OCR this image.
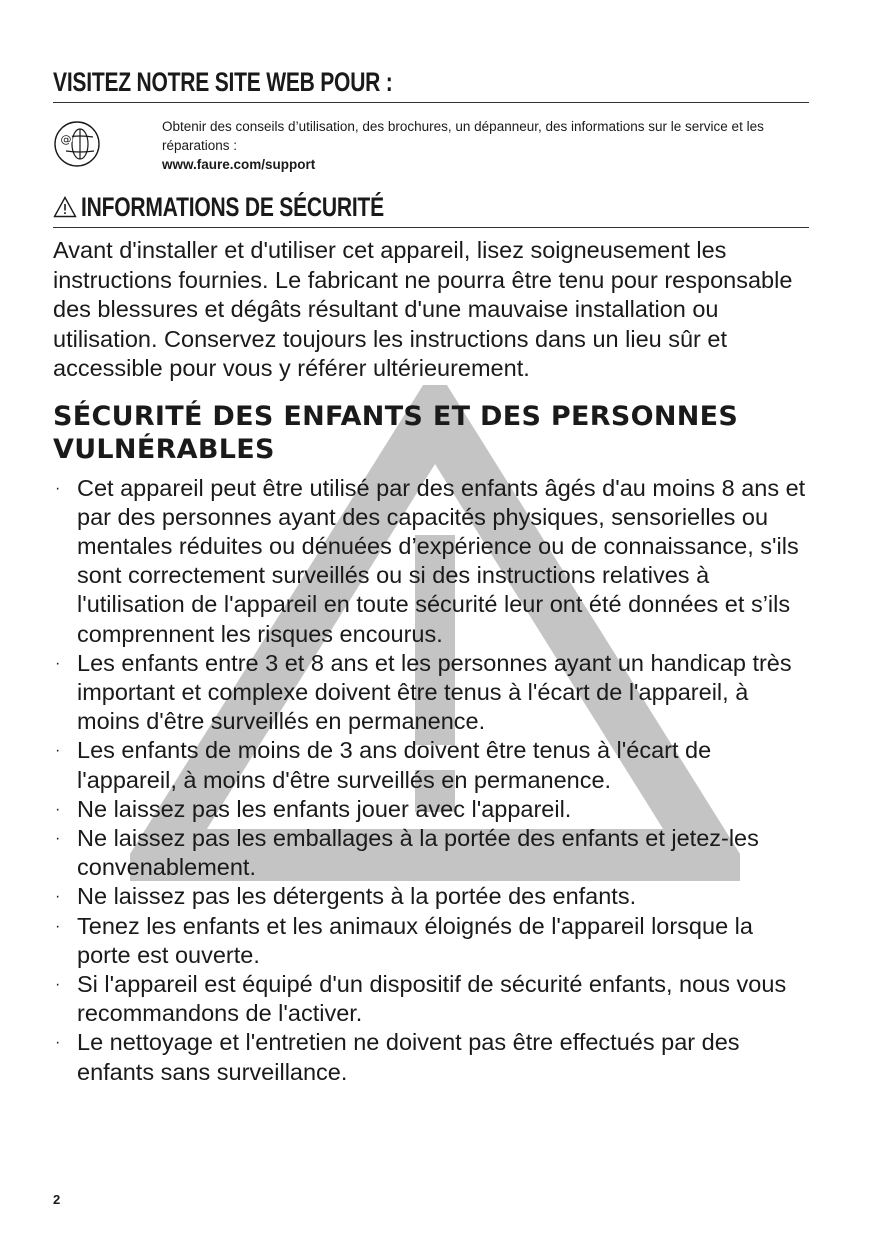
VISITEZ NOTRE SITE WEB POUR :
@
Obtenir des conseils d’utilisation, des brochures, un dépanneur, des informations sur le service et les réparations :
www.faure.com/support
INFORMATIONS DE SÉCURITÉ

Avant d'installer et d'utiliser cet appareil, lisez soigneusement les instructions fournies. Le fabricant ne pourra être tenu pour responsable des blessures et dégâts résultant d'une mauvaise installation ou utilisation. Conservez toujours les instructions dans un lieu sûr et accessible pour vous y référer ultérieurement.

SÉCURITÉ DES ENFANTS ET DES PERSONNES VULNÉRABLES
· Cet appareil peut être utilisé par des enfants âgés d'au moins 8 ans et par des personnes ayant des capacités physiques, sensorielles ou mentales réduites ou dénuées d’expérience ou de connaissance, s'ils sont correctement surveillés ou si des instructions relatives à l'utilisation de l'appareil en toute sécurité leur ont été données et s’ils comprennent les risques encourus.
· Les enfants entre 3 et 8 ans et les personnes ayant un handicap très important et complexe doivent être tenus à l'écart de l'appareil, à moins d'être surveillés en permanence.
· Les enfants de moins de 3 ans doivent être tenus à l'écart de l'appareil, à moins d'être surveillés en permanence.
· Ne laissez pas les enfants jouer avec l'appareil.
· Ne laissez pas les emballages à la portée des enfants et jetez-les convenablement.
· Ne laissez pas les détergents à la portée des enfants.
· Tenez les enfants et les animaux éloignés de l'appareil lorsque la porte est ouverte.
· Si l'appareil est équipé d'un dispositif de sécurité enfants, nous vous recommandons de l'activer.
· Le nettoyage et l'entretien ne doivent pas être effectués par des enfants sans surveillance.
2
